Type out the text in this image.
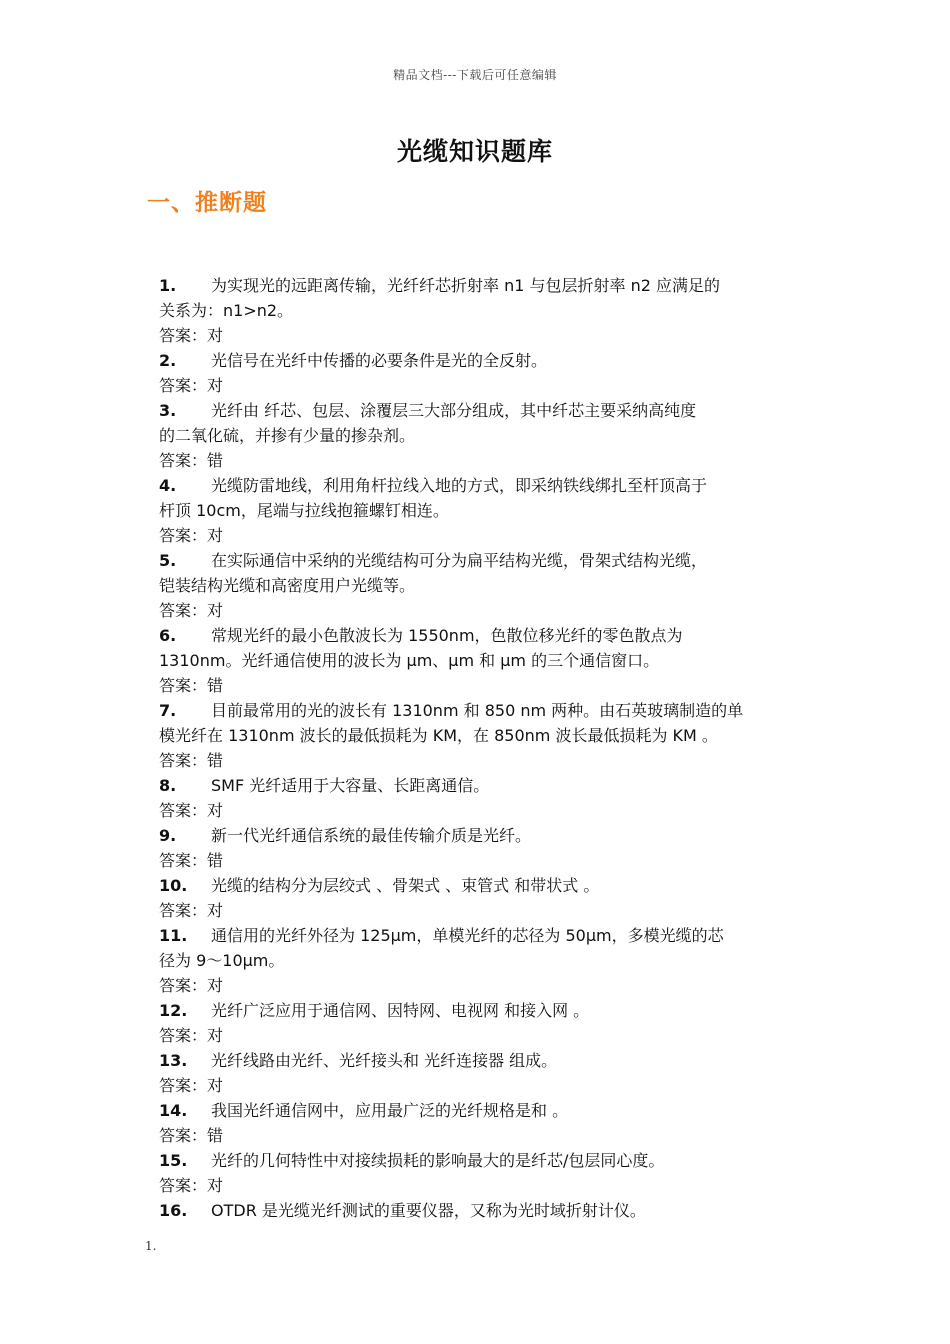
精品文档---下载后可任意编辑
光缆知识题库
一、推断题
1.	为实现光的远距离传输，光纤纤芯折射率 n1 与包层折射率 n2 应满足的
关系为：n1>n2。
答案：对
2.	光信号在光纤中传播的必要条件是光的全反射。
答案：对
3.	光纤由 纤芯、包层、涂覆层三大部分组成，其中纤芯主要采纳高纯度
的二氧化硫，并掺有少量的掺杂剂。
答案：错
4.	光缆防雷地线，利用角杆拉线入地的方式，即采纳铁线绑扎至杆顶高于
杆顶 10cm，尾端与拉线抱箍螺钉相连。
答案：对
5.	在实际通信中采纳的光缆结构可分为扁平结构光缆，骨架式结构光缆，
铠装结构光缆和高密度用户光缆等。
答案：对
6.	常规光纤的最小色散波长为 1550nm，色散位移光纤的零色散点为
1310nm。光纤通信使用的波长为 μm、μm 和 μm 的三个通信窗口。
答案：错
7.	目前最常用的光的波长有 1310nm 和 850 nm 两种。由石英玻璃制造的单
模光纤在 1310nm 波长的最低损耗为 KM，在 850nm 波长最低损耗为 KM 。
答案：错
8.	SMF 光纤适用于大容量、长距离通信。
答案：对
9.	新一代光纤通信系统的最佳传输介质是光纤。
答案：错
10.	光缆的结构分为层绞式 、骨架式 、束管式 和带状式 。
答案：对
11.	通信用的光纤外径为 125μm，单模光纤的芯径为 50μm，多模光缆的芯
径为 9～10μm。
答案：对
12.	光纤广泛应用于通信网、因特网、电视网 和接入网 。
答案：对
13.	光纤线路由光纤、光纤接头和 光纤连接器 组成。
答案：对
14.	我国光纤通信网中，应用最广泛的光纤规格是和 。
答案：错
15.	光纤的几何特性中对接续损耗的影响最大的是纤芯/包层同心度。
答案：对
16.	OTDR 是光缆光纤测试的重要仪器，又称为光时域折射计仪。
1.
